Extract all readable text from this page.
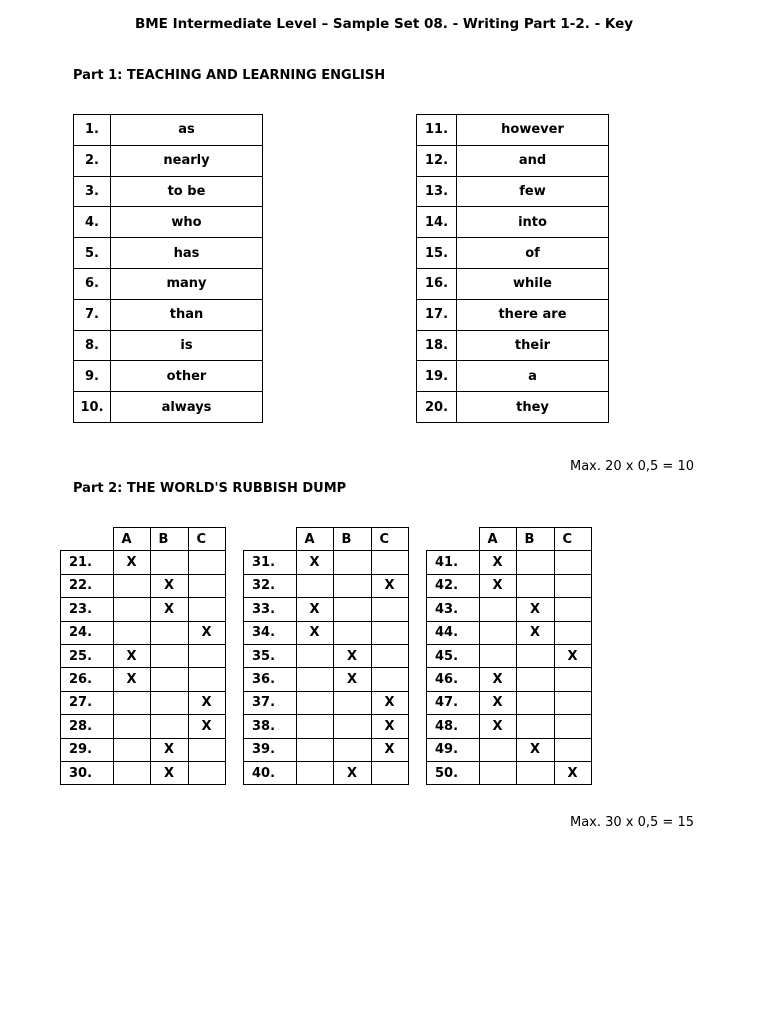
BME Intermediate Level – Sample Set 08. - Writing Part 1-2. - Key
Part 1: TEACHING AND LEARNING ENGLISH
1.	as
2.	nearly
3.	to be
4.	who
5.	has
6.	many
7.	than
8.	is
9.	other
10.	always
11.	however
12.	and
13.	few
14.	into
15.	of
16.	while
17.	there are
18.	their
19.	a
20.	they
Max. 20 x 0,5 = 10
Part 2: THE WORLD'S RUBBISH DUMP
	A	B	C
21.	X		
22.		X	
23.		X	
24.			X
25.	X		
26.	X		
27.			X
28.			X
29.		X	
30.		X	
	A	B	C
31.	X		
32.			X
33.	X		
34.	X		
35.		X	
36.		X	
37.			X
38.			X
39.			X
40.		X	
	A	B	C
41.	X		
42.	X		
43.		X	
44.		X	
45.			X
46.	X		
47.	X		
48.	X		
49.		X	
50.			X
Max. 30 x 0,5 = 15
